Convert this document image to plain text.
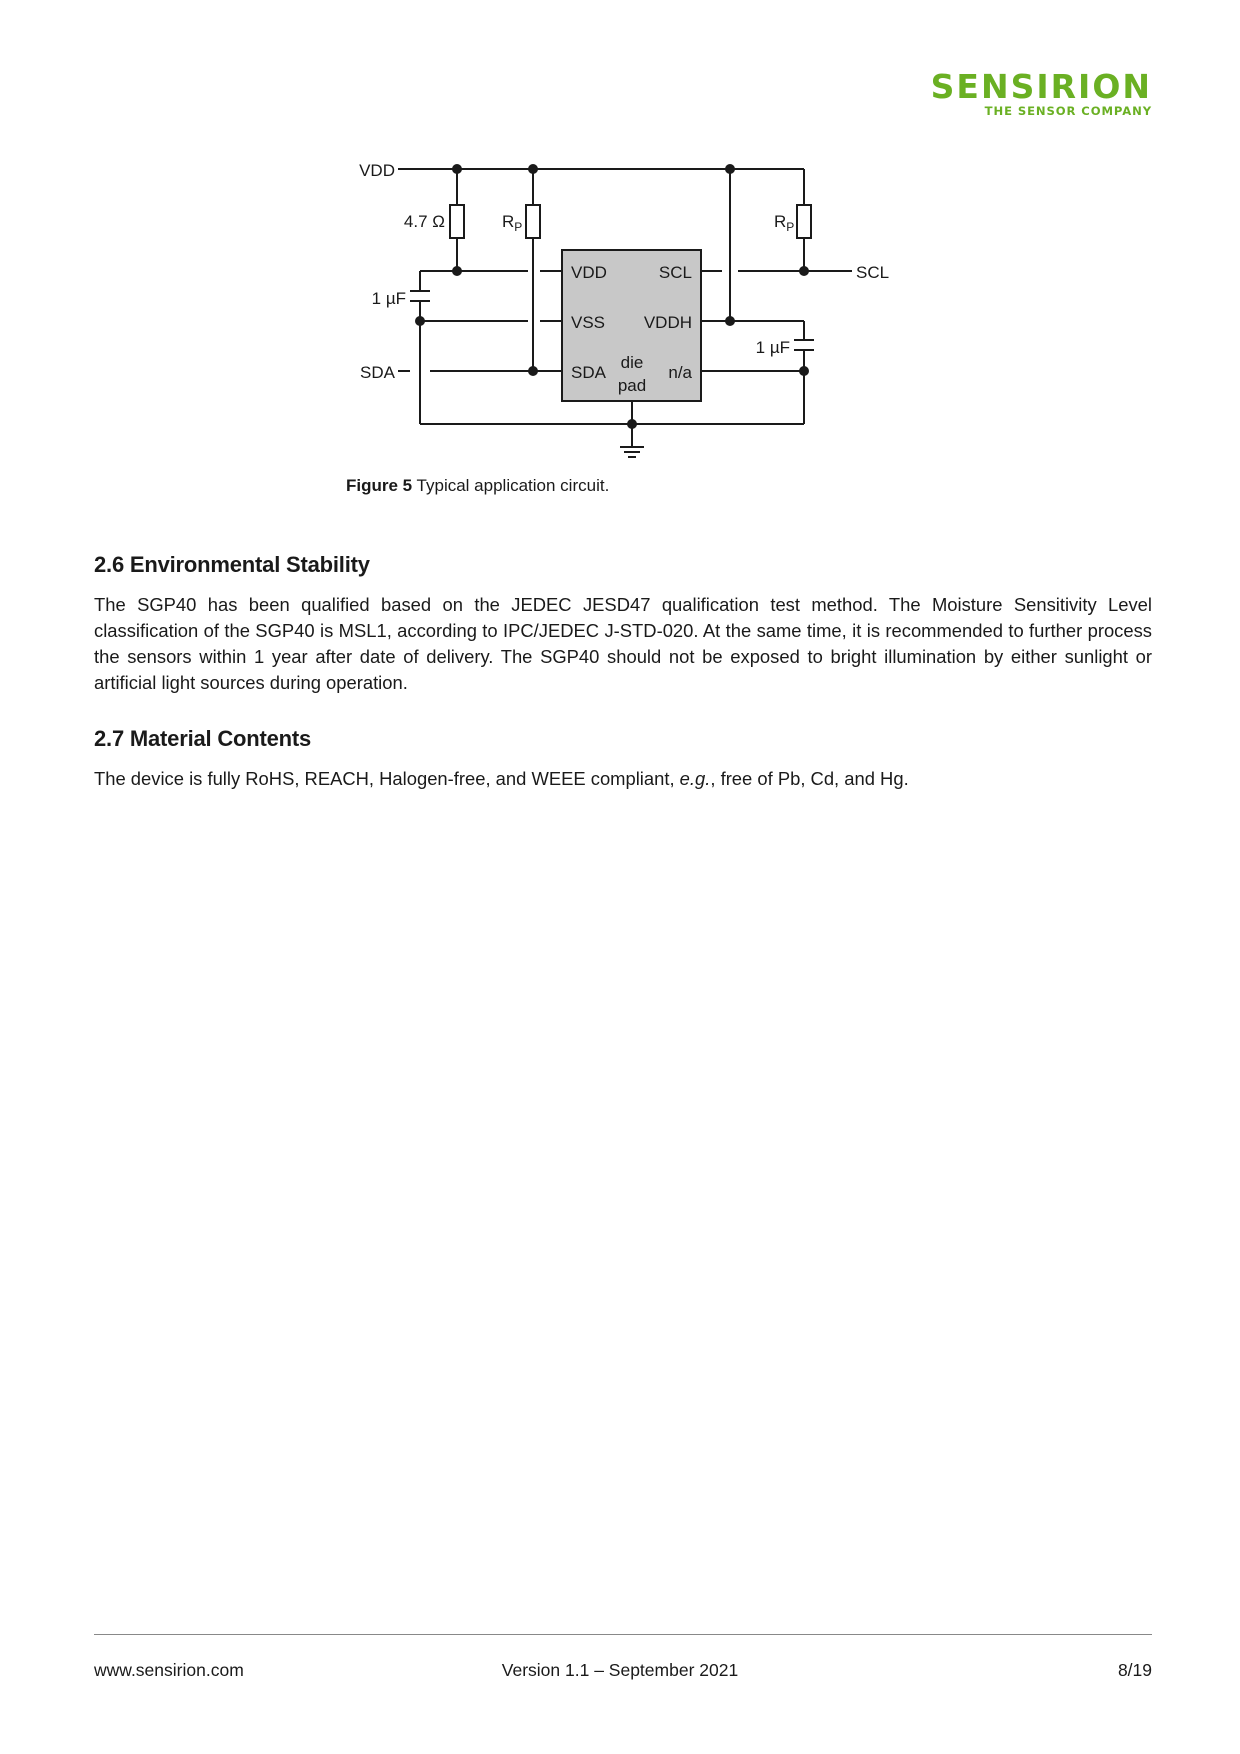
SENSIRION
THE SENSOR COMPANY
VDD
4.7 Ω	$R_P$	$R_P$
1 µF
1 µF
SDA
SCL
VDD
VSS
SDA
SCL
VDDH
n/a
die
pad
Figure 5 Typical application circuit.
2.6 Environmental Stability

The SGP40 has been qualified based on the JEDEC JESD47 qualification test method. The Moisture Sensitivity Level classification of the SGP40 is MSL1, according to IPC/JEDEC J-STD-020. At the same time, it is recommended to further process the sensors within 1 year after date of delivery. The SGP40 should not be exposed to bright illumination by either sunlight or artificial light sources during operation.

2.7 Material Contents

The device is fully RoHS, REACH, Halogen-free, and WEEE compliant, e.g., free of Pb, Cd, and Hg.

www.sensirion.com	Version 1.1 – September 2021	8/19
